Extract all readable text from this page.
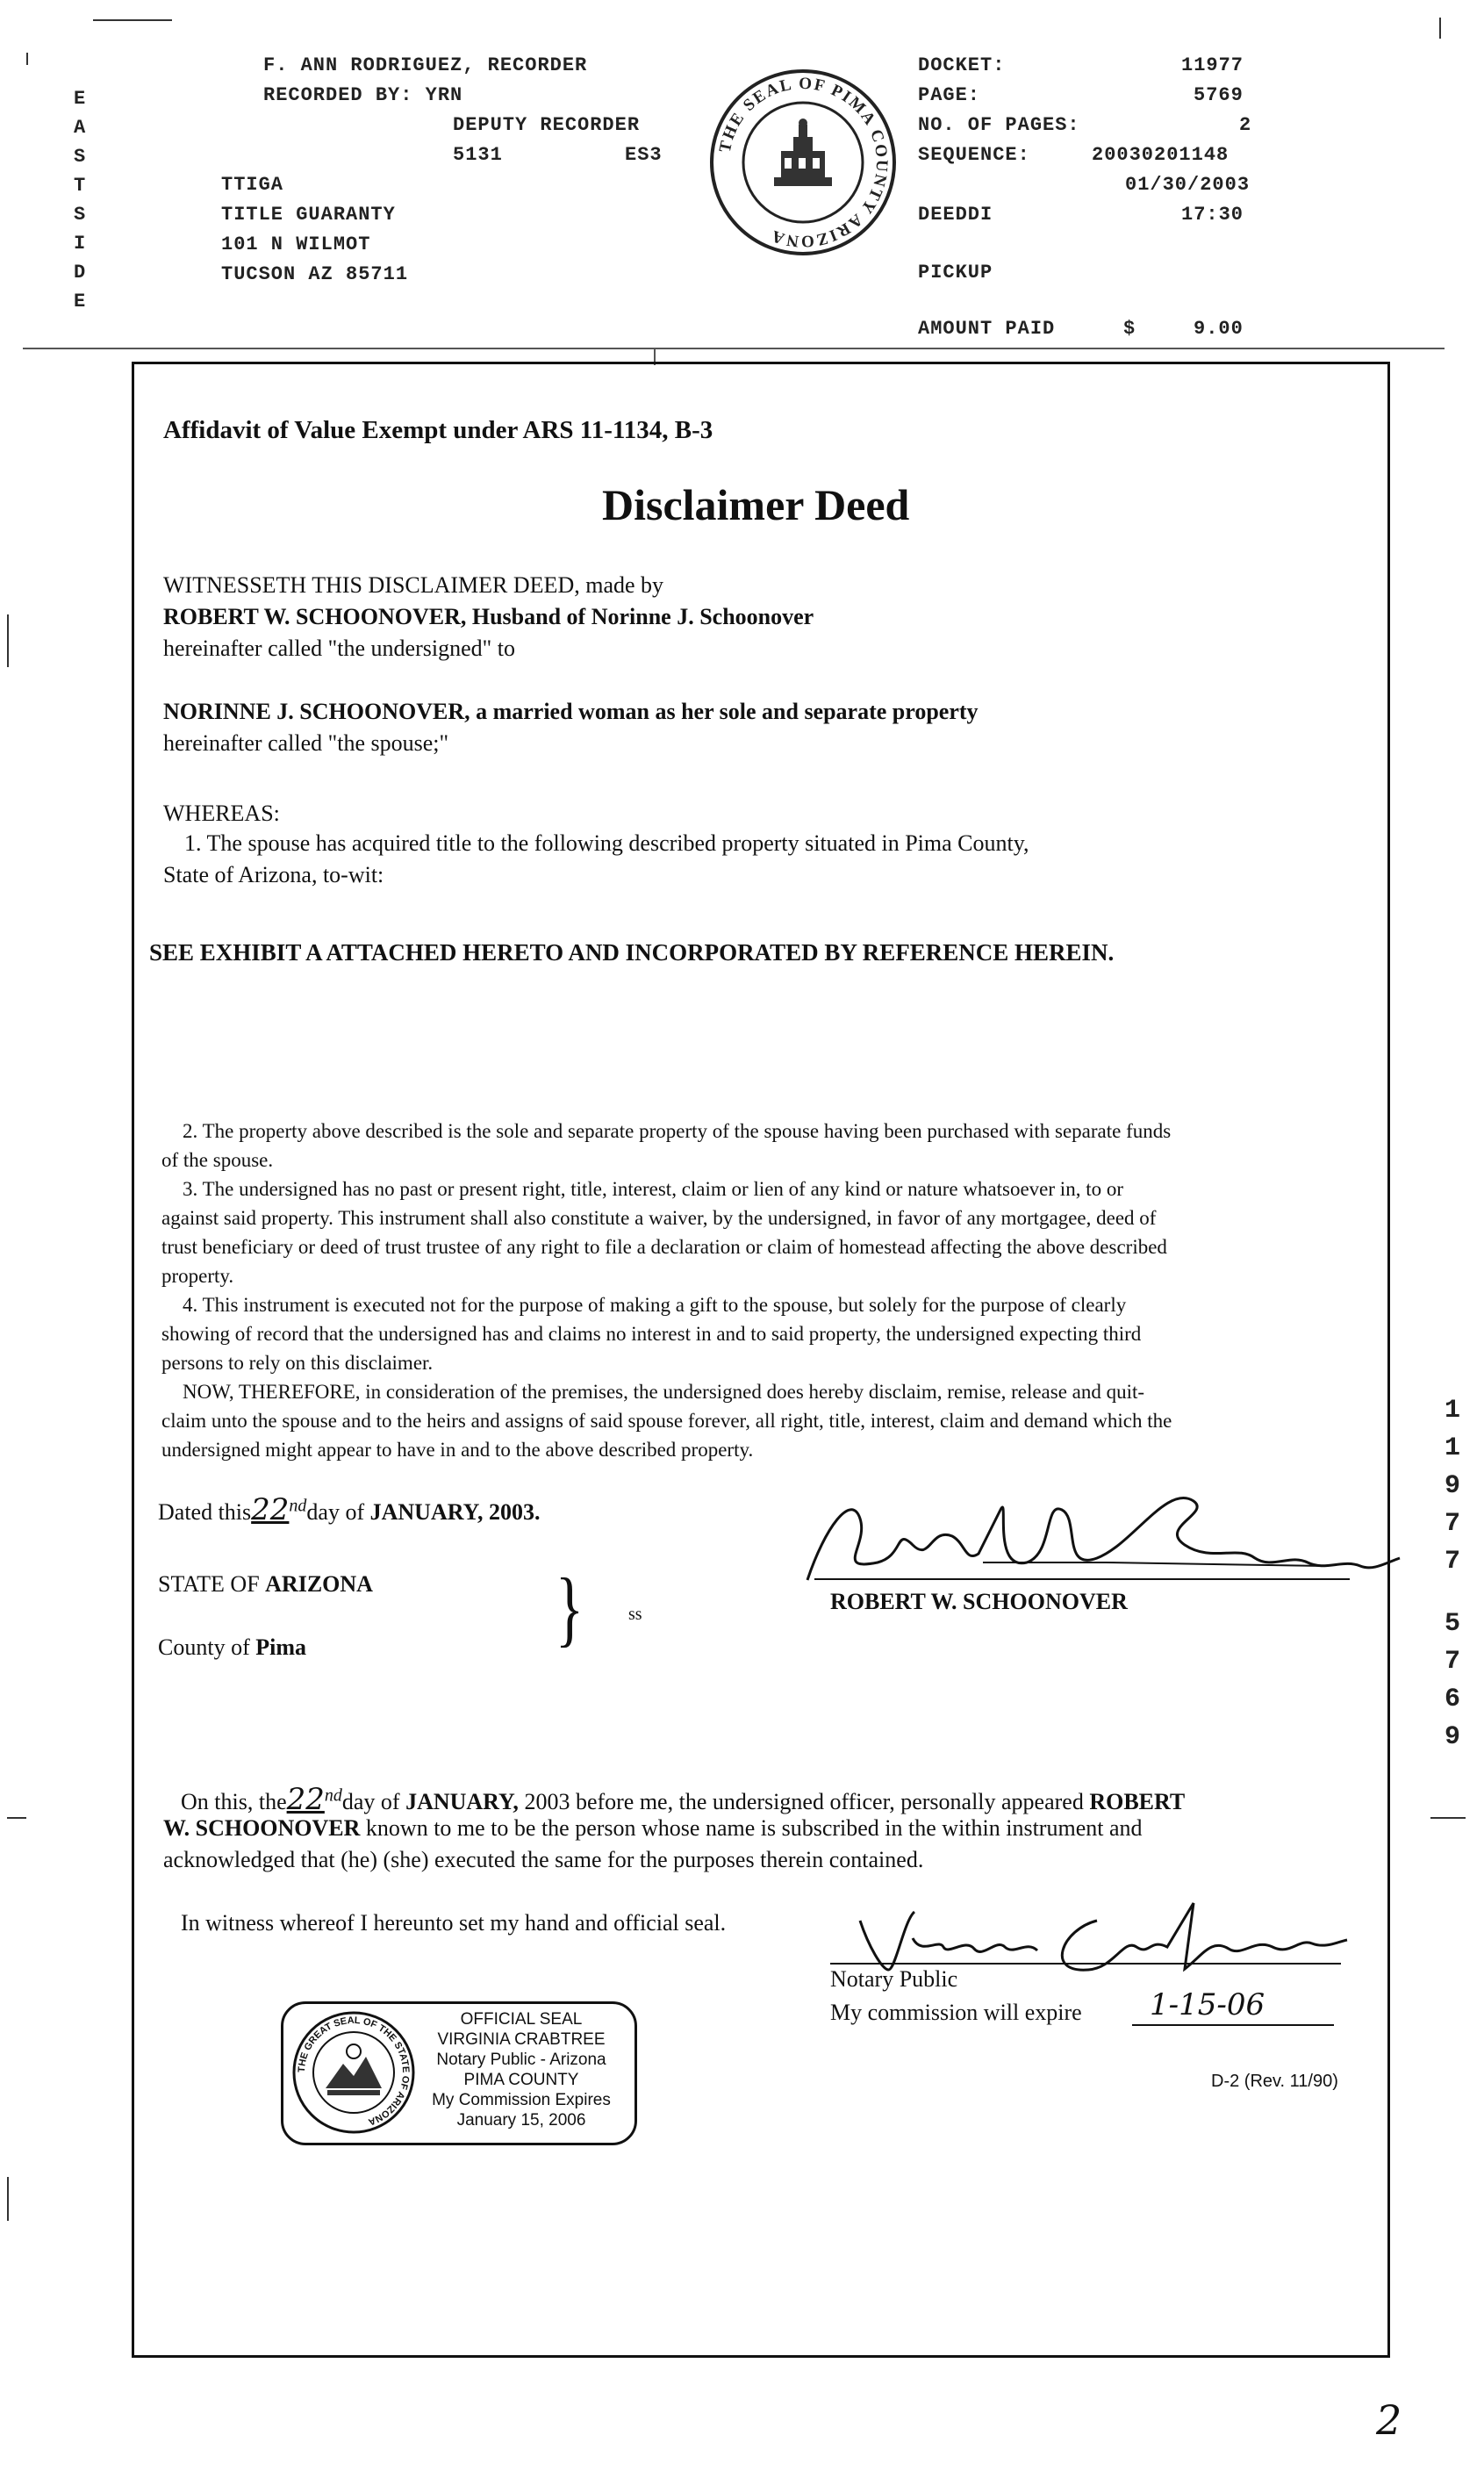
E
A
S
T
S
I
D
E
F. ANN RODRIGUEZ, RECORDER
RECORDED BY: YRN
DEPUTY RECORDER
5131	ES3
TTIGA
TITLE GUARANTY
101 N WILMOT
TUCSON AZ 85711
THE SEAL OF PIMA COUNTY ARIZONA
DOCKET:	11977
PAGE:	5769
NO. OF PAGES:	2
SEQUENCE:	20030201148
01/30/2003
DEEDDI	17:30
PICKUP
AMOUNT PAID	$	9.00
Affidavit of Value Exempt under ARS 11-1134, B-3
Disclaimer Deed
WITNESSETH THIS DISCLAIMER DEED, made by
ROBERT W. SCHOONOVER, Husband of Norinne J. Schoonover
hereinafter called "the undersigned" to
NORINNE J. SCHOONOVER, a married woman as her sole and separate property
hereinafter called "the spouse;"
WHEREAS:
1. The spouse has acquired title to the following described property situated in Pima County,
State of Arizona, to-wit:
SEE EXHIBIT A ATTACHED HERETO AND INCORPORATED BY REFERENCE HEREIN.
2. The property above described is the sole and separate property of the spouse having been purchased with separate funds
of the spouse.
3. The undersigned has no past or present right, title, interest, claim or lien of any kind or nature whatsoever in, to or
against said property. This instrument shall also constitute a waiver, by the undersigned, in favor of any mortgagee, deed of
trust beneficiary or deed of trust trustee of any right to file a declaration or claim of homestead affecting the above described
property.
4. This instrument is executed not for the purpose of making a gift to the spouse, but solely for the purpose of clearly
showing of record that the undersigned has and claims no interest in and to said property, the undersigned expecting third
persons to rely on this disclaimer.
NOW, THEREFORE, in consideration of the premises, the undersigned does hereby disclaim, remise, release and quit-
claim unto the spouse and to the heirs and assigns of said spouse forever, all right, title, interest, claim and demand which the
undersigned might appear to have in and to the above described property.
Dated this22ndday of JANUARY, 2003.
STATE OF ARIZONA
County of Pima	}	ss	ROBERT W. SCHOONOVER
On this, the22ndday of JANUARY, 2003 before me, the undersigned officer, personally appeared ROBERT
W. SCHOONOVER known to me to be the person whose name is subscribed in the within instrument and
acknowledged that (he) (she) executed the same for the purposes therein contained.
In witness whereof I hereunto set my hand and official seal.
Notary Public
My commission will expire 1-15-06
D-2 (Rev. 11/90)
THE GREAT SEAL OF THE STATE OF ARIZONA
OFFICIAL SEAL
VIRGINIA CRABTREE
Notary Public - Arizona
PIMA COUNTY
My Commission Expires
January 15, 2006
1
1
9
7
7
5
7
6
9
2
